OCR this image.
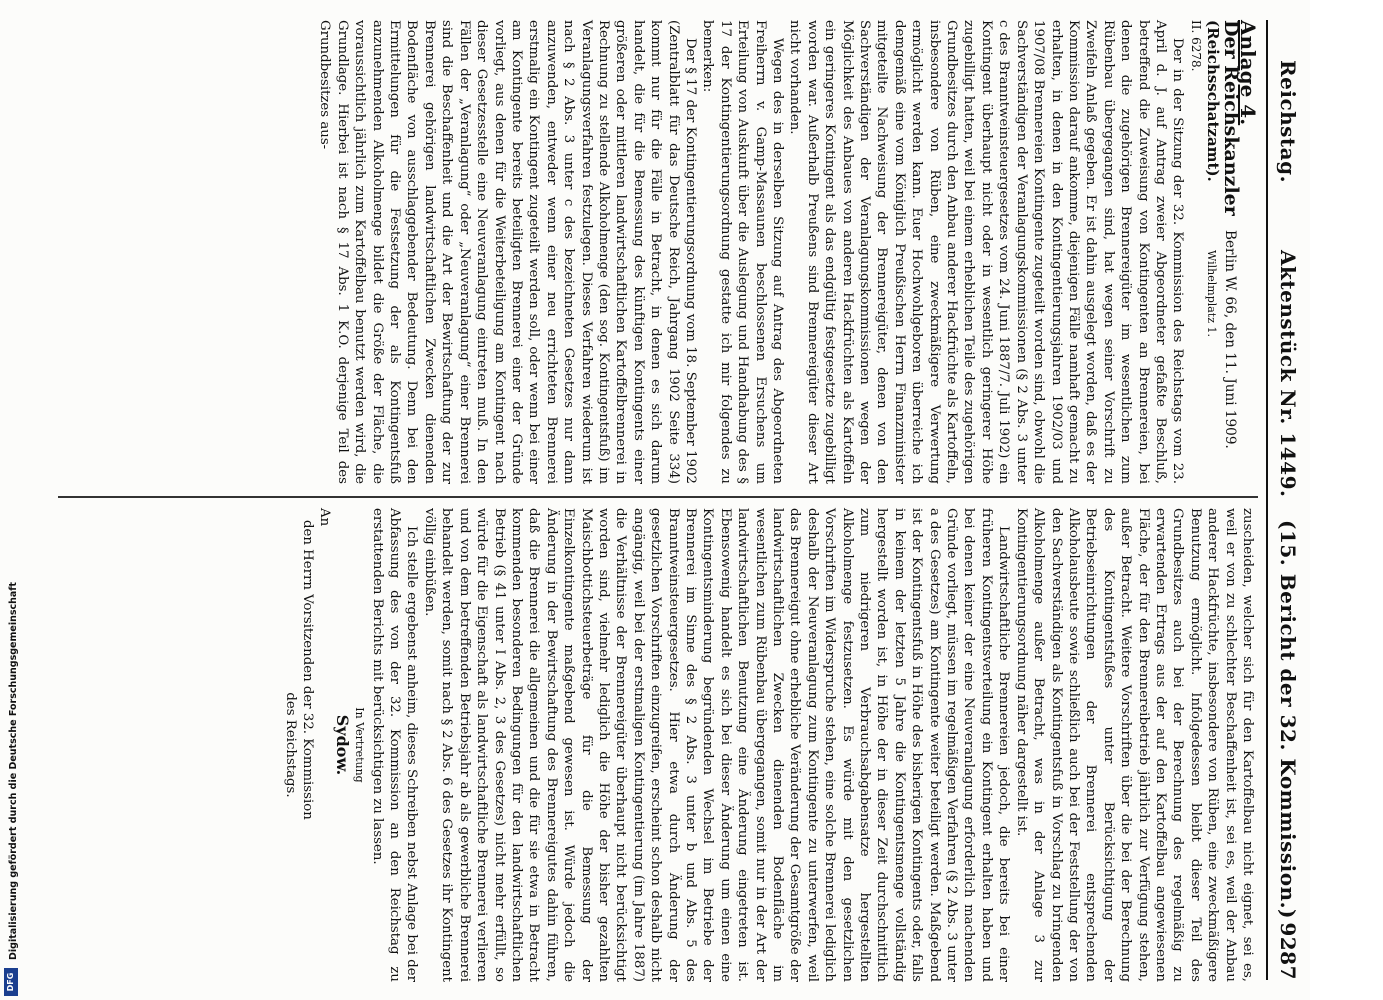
Reichstag.
Aktenstück Nr. 1449.
(15. Bericht der 32. Kommission.)
9287

Anlage 4.

Der Reichskanzler

(Reichsschatzamt).

II. 6278.

Der in der Sitzung der 32. Kommission des Reichstags vom 23. April d. J. auf Antrag zweier Abgeordneter gefaßte Beschluß, betreffend die Zuweisung von Kontingenten an Brennereien, bei denen die zugehörigen Brennereigüter im wesentlichen zum Rübenbau übergegangen sind, hat wegen seiner Vorschrift zu Zweifeln Anlaß gegeben. Er ist dahin ausgelegt worden, daß es der Kommission darauf ankomme, diejenigen Fälle namhaft gemacht zu erhalten, in denen in den Kontingentierungsjahren 1902/03 und 1907/08 Brennereien Kontingente zugeteilt worden sind, obwohl die Sachverständigen der Veranlagungskommissionen (§ 2 Abs. 3 unter c des Branntweinsteuergesetzes vom 24. Juni 1887/7. Juli 1902) ein Kontingent überhaupt nicht oder in wesentlich geringerer Höhe zugebilligt hatten, weil bei einem erheblichen Teile des zugehörigen Grundbesitzes durch den Anbau anderer Hackfrüchte als Kartoffeln, insbesondere von Rüben, eine zweckmäßigere Verwertung ermöglicht werden kann. Euer Hochwohlgeboren überreiche ich demgemäß eine vom Königlich Preußischen Herrn Finanzminister mitgeteilte Nachweisung der Brennereigüter, denen von den Sachverständigen der Veranlagungskommissionen wegen der Möglichkeit des Anbaues von anderen Hackfrüchten als Kartoffeln ein geringeres Kontingent als das endgültig festgesetzte zugebilligt worden war. Außerhalb Preußens sind Brennereigüter dieser Art nicht vorhanden.

Wegen des in derselben Sitzung auf Antrag des Abgeordneten Freiherrn v. Gamp-Massaunen beschlossenen Ersuchens um Erteilung von Auskunft über die Auslegung und Handhabung des § 17 der Kontingentierungsordnung gestatte ich mir folgendes zu bemerken:

Der § 17 der Kontingentierungsordnung vom 18. September 1902 (Zentralblatt für das Deutsche Reich, Jahrgang 1902 Seite 334) kommt nur für die Fälle in Betracht, in denen es sich darum handelt, die für die Bemessung des künftigen Kontingents einer größeren oder mittleren landwirtschaftlichen Kartoffelbrennerei in Rechnung zu stellende Alkoholmenge (den sog. Kontingentsfuß) im Veranlagungsverfahren festzulegen. Dieses Verfahren wiederum ist nach § 2 Abs. 3 unter c des bezeichneten Gesetzes nur dann anzuwenden, entweder wenn einer neu errichteten Brennerei erstmalig ein Kontingent zugeteilt werden soll, oder wenn bei einer am Kontingente bereits beteiligten Brennerei einer der Gründe vorliegt, aus denen für die Weiterbeteiligung am Kontingent nach dieser Gesetzesstelle eine Neuveranlagung eintreten muß. In den Fällen der „Veranlagung“ oder „Neuveranlagung“ einer Brennerei sind die Beschaffenheit und die Art der Bewirtschaftung der zur Brennerei gehörigen landwirtschaftlichen Zwecken dienenden Bodenfläche von ausschlaggebender Bedeutung. Denn bei den Ermittelungen für die Festsetzung der als Kontingentsfuß anzunehmenden Alkoholmenge bildet die Größe der Fläche, die voraussichtlich jährlich zum Kartoffelbau benutzt werden wird, die Grundlage. Hierbei ist nach § 17 Abs. 1 K.O. derjenige Teil des Grundbesitzes aus-

Berlin W. 66, den 11. Juni 1909.
Wilhelmplatz 1.

zuscheiden, welcher sich für den Kartoffelbau nicht eignet, sei es, weil er von zu schlechter Beschaffenheit ist, sei es, weil der Anbau anderer Hackfrüchte, insbesondere von Rüben, eine zweckmäßigere Benutzung ermöglicht. Infolgedessen bleibt dieser Teil des Grundbesitzes auch bei der Berechnung des regelmäßig zu erwartenden Ertrags aus der auf den Kartoffelbau angewiesenen Fläche, der für den Brennereibetrieb jährlich zur Verfügung stehen, außer Betracht. Weitere Vorschriften über die bei der Berechnung des Kontingentsfußes unter Berücksichtigung der Betriebseinrichtungen der Brennerei entsprechenden Alkoholausbeute sowie schließlich auch bei der Feststellung der von den Sachverständigen als Kontingentsfuß in Vorschlag zu bringenden Alkoholmenge außer Betracht, was in der Anlage 3 zur Kontingentierungsordnung näher dargestellt ist.

Landwirtschaftliche Brennereien jedoch, die bereits bei einer früheren Kontingentsverteilung ein Kontingent erhalten haben und bei denen keiner der eine Neuveranlagung erforderlich machenden Gründe vorliegt, müssen im regelmäßigen Verfahren (§ 2 Abs. 3 unter a des Gesetzes) am Kontingente weiter beteiligt werden. Maßgebend ist der Kontingentsfuß in Höhe des bisherigen Kontingents oder, falls in keinem der letzten 5 Jahre die Kontingentsmenge vollständig hergestellt worden ist, in Höhe der in dieser Zeit durchschnittlich zum niedrigeren Verbrauchsabgabensatze hergestellten Alkoholmenge festzusetzen. Es würde mit den gesetzlichen Vorschriften im Widerspruche stehen, eine solche Brennerei lediglich deshalb der Neuveranlagung zum Kontingente zu unterwerfen, weil das Brennereigut ohne erhebliche Veränderung der Gesamtgröße der landwirtschaftlichen Zwecken dienenden Bodenfläche im wesentlichen zum Rübenbau übergegangen, somit nur in der Art der landwirtschaftlichen Benutzung eine Änderung eingetreten ist. Ebensowenig handelt es sich bei dieser Änderung um einen eine Kontingentsminderung begründenden Wechsel im Betriebe der Brennerei im Sinne des § 2 Abs. 3 unter b und Abs. 5 des Branntweinsteuergesetzes. Hier etwa durch Änderung der gesetzlichen Vorschriften einzugreifen, erscheint schon deshalb nicht angängig, weil bei der erstmaligen Kontingentierung (im Jahre 1887) die Verhältnisse der Brennereigüter überhaupt nicht berücksichtigt worden sind, vielmehr lediglich die Höhe der bisher gezahlten Maischbottichsteuerbeträge für die Bemessung der Einzelkontingente maßgebend gewesen ist. Würde jedoch die Änderung in der Bewirtschaftung des Brennereigutes dahin führen, daß die Brennerei die allgemeinen und die für sie etwa in Betracht kommenden besonderen Bedingungen für den landwirtschaftlichen Betrieb (§ 41 unter I Abs. 2, 3 des Gesetzes) nicht mehr erfüllt, so würde für die Eigenschaft als landwirtschaftliche Brennerei verlieren und von dem betreffenden Betriebsjahr ab als gewerbliche Brennerei behandelt werden, somit nach § 2 Abs. 6 des Gesetzes ihr Kontingent völlig einbüßen.

Ich stelle ergebenst anheim, dieses Schreiben nebst Anlage bei der Abfassung des von der 32. Kommission an den Reichstag zu erstattenden Berichts mit berücksichtigen zu lassen.

In Vertretung

Sydow.

An

den Herrn Vorsitzenden der 32. Kommission

des Reichstags.

DFG
Digitalisierung gefördert durch die Deutsche Forschungsgemeinschaft
